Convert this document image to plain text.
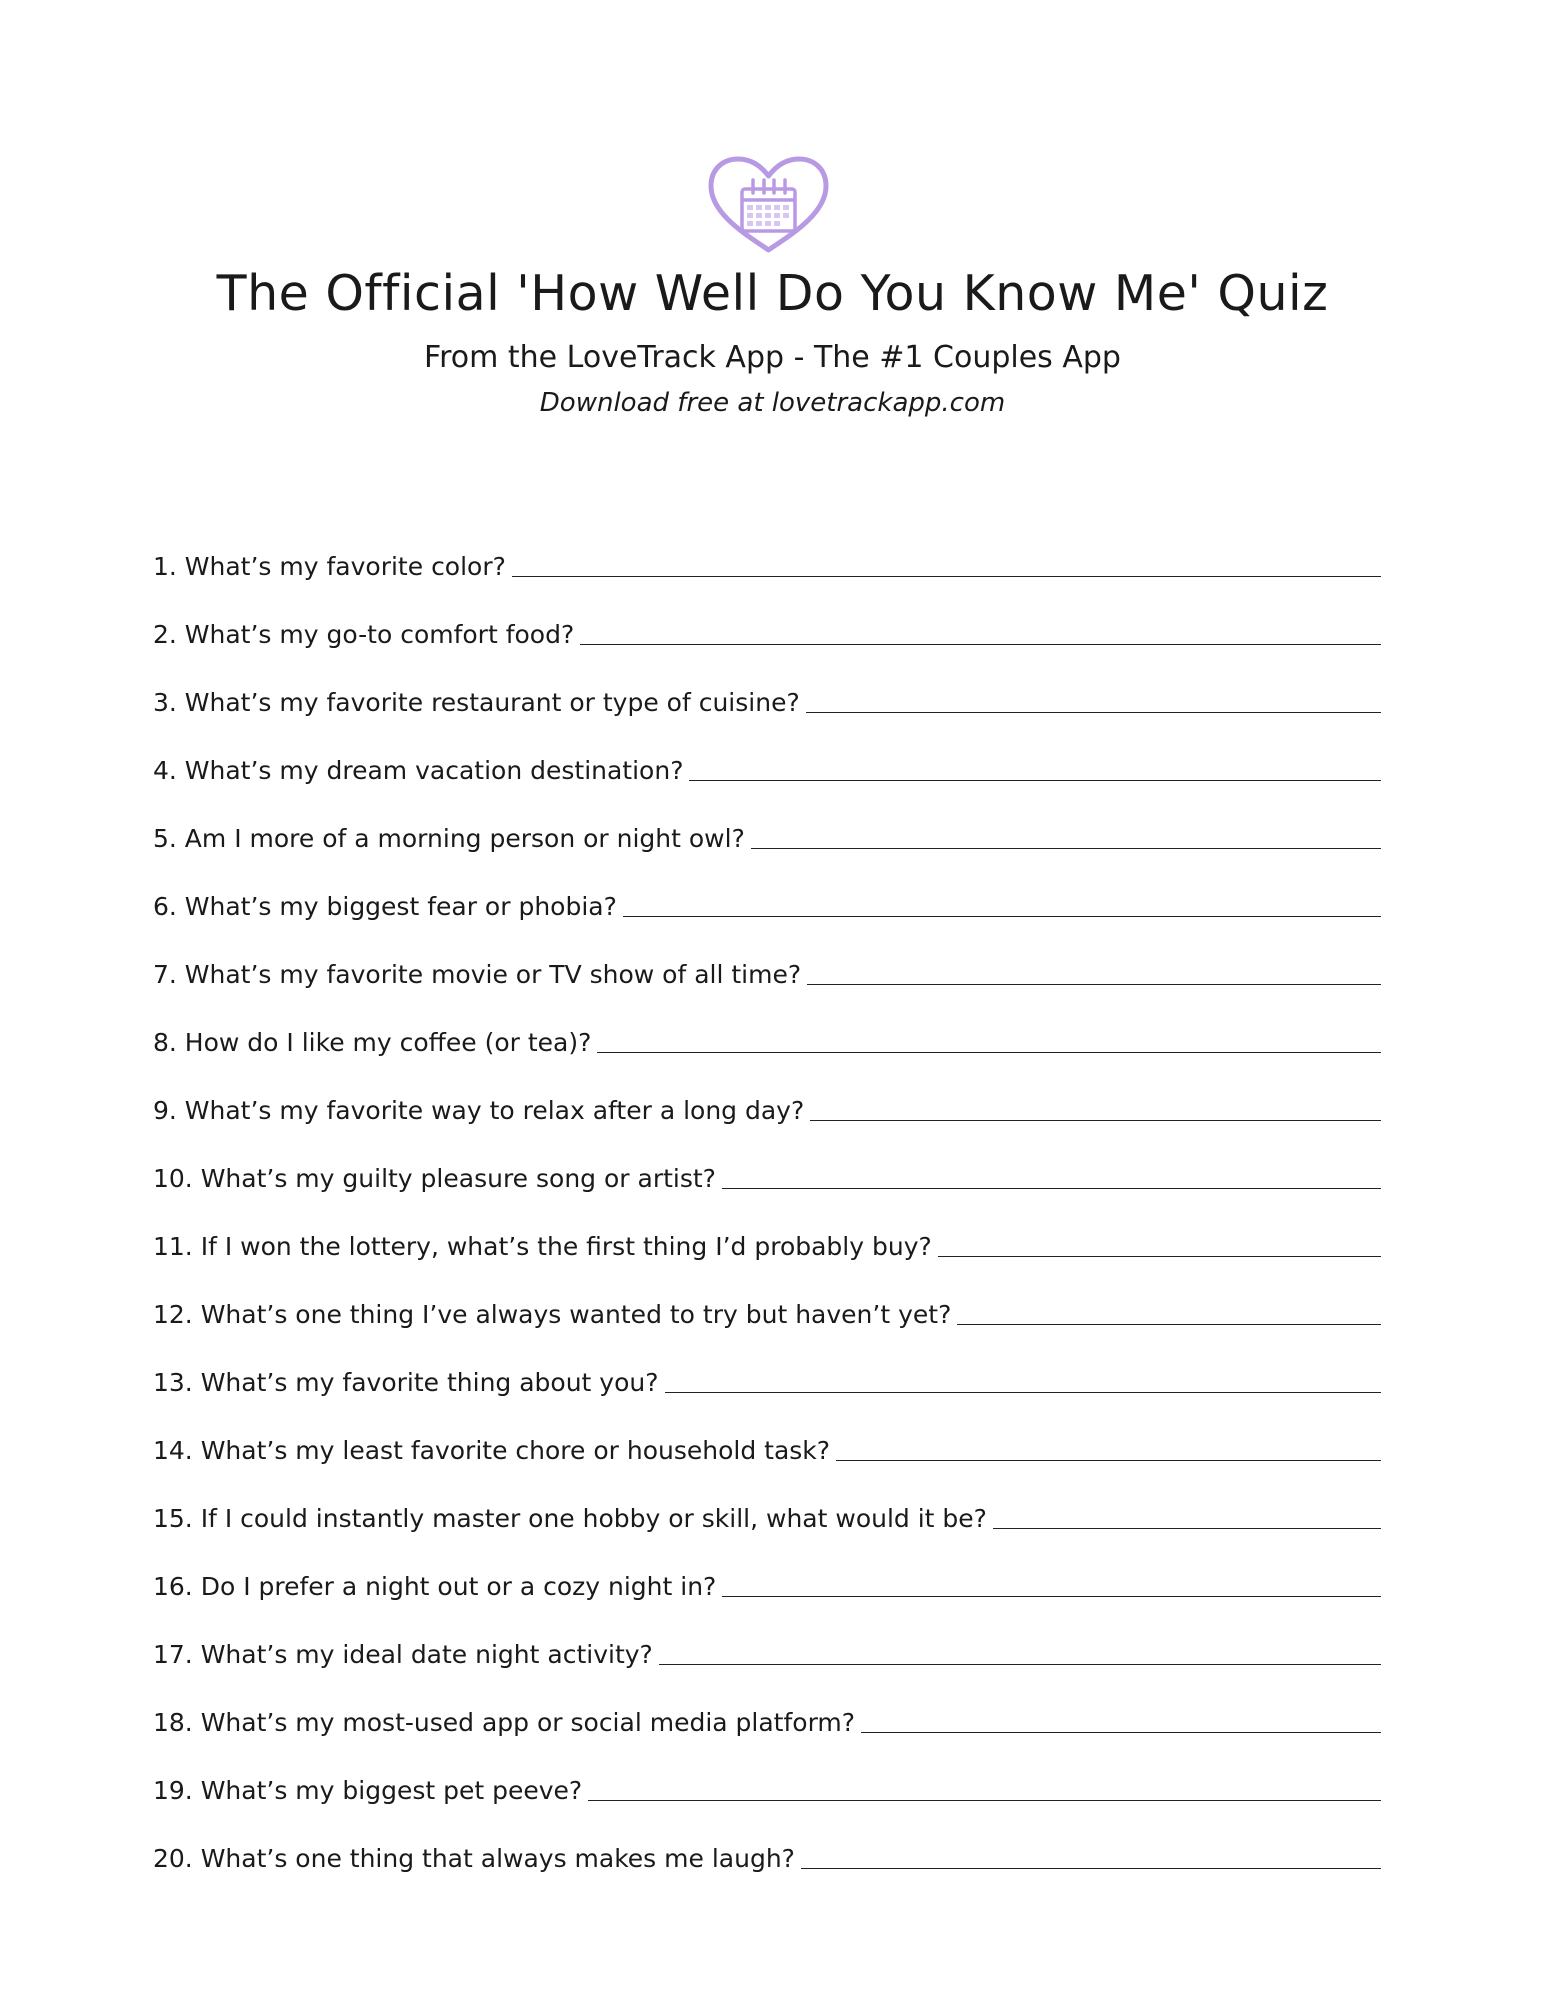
The Official 'How Well Do You Know Me' Quiz
From the LoveTrack App - The #1 Couples App
Download free at lovetrackapp.com
1. What’s my favorite color?
2. What’s my go-to comfort food?
3. What’s my favorite restaurant or type of cuisine?
4. What’s my dream vacation destination?
5. Am I more of a morning person or night owl?
6. What’s my biggest fear or phobia?
7. What’s my favorite movie or TV show of all time?
8. How do I like my coffee (or tea)?
9. What’s my favorite way to relax after a long day?
10. What’s my guilty pleasure song or artist?
11. If I won the lottery, what’s the first thing I’d probably buy?
12. What’s one thing I’ve always wanted to try but haven’t yet?
13. What’s my favorite thing about you?
14. What’s my least favorite chore or household task?
15. If I could instantly master one hobby or skill, what would it be?
16. Do I prefer a night out or a cozy night in?
17. What’s my ideal date night activity?
18. What’s my most-used app or social media platform?
19. What’s my biggest pet peeve?
20. What’s one thing that always makes me laugh?
